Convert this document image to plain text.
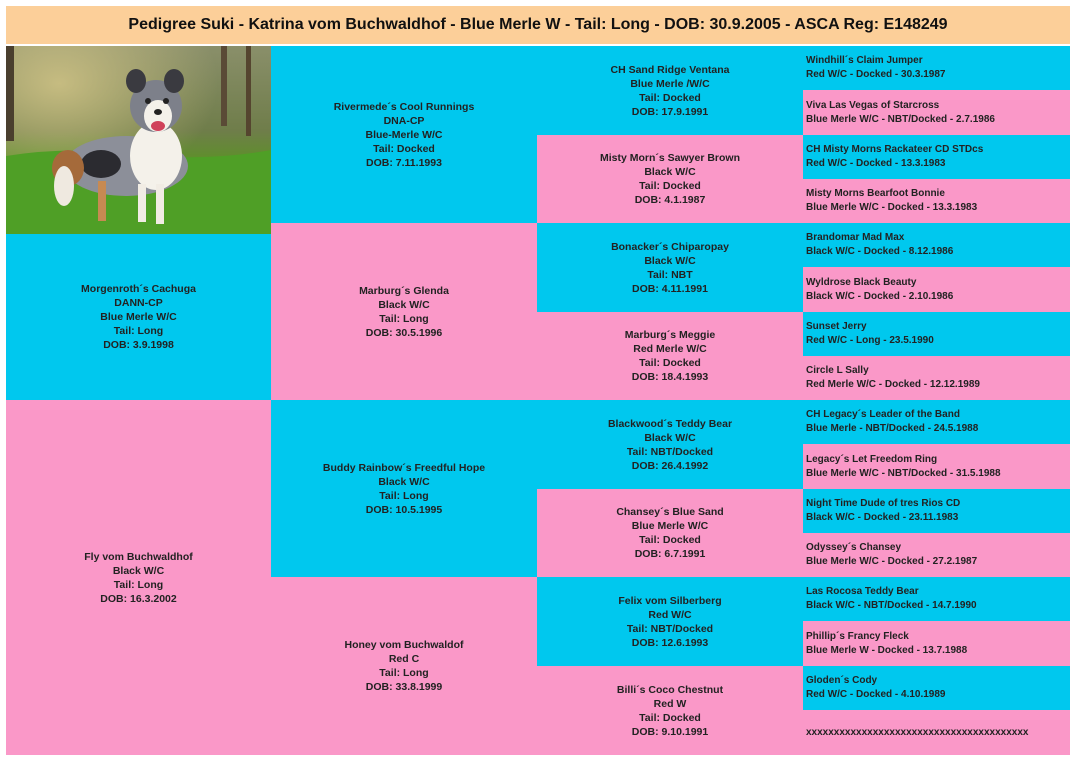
Pedigree Suki - Katrina vom Buchwaldhof - Blue Merle W - Tail: Long - DOB: 30.9.2005 - ASCA Reg: E148249
Morgenroth´s Cachuga
DANN-CP
Blue Merle W/C
Tail: Long
DOB: 3.9.1998
Fly vom Buchwaldhof
Black W/C
Tail: Long
DOB: 16.3.2002
Rivermede´s Cool Runnings
DNA-CP
Blue-Merle W/C
Tail: Docked
DOB: 7.11.1993
Marburg´s Glenda
Black W/C
Tail: Long
DOB: 30.5.1996
Buddy Rainbow´s Freedful Hope
Black W/C
Tail: Long
DOB: 10.5.1995
Honey vom Buchwaldof
Red C
Tail: Long
DOB: 33.8.1999
CH Sand Ridge Ventana
Blue Merle /W/C
Tail: Docked
DOB: 17.9.1991
Misty Morn´s Sawyer Brown
Black W/C
Tail: Docked
DOB: 4.1.1987
Bonacker´s Chiparopay
Black W/C
Tail: NBT
DOB: 4.11.1991
Marburg´s Meggie
Red Merle W/C
Tail: Docked
DOB: 18.4.1993
Blackwood´s Teddy Bear
Black W/C
Tail: NBT/Docked
DOB: 26.4.1992
Chansey´s Blue Sand
Blue Merle W/C
Tail: Docked
DOB: 6.7.1991
Felix vom Silberberg
Red W/C
Tail: NBT/Docked
DOB: 12.6.1993
Billi´s Coco Chestnut
Red W
Tail: Docked
DOB: 9.10.1991
Windhill´s Claim Jumper
Red W/C - Docked - 30.3.1987
Viva Las Vegas of Starcross
Blue Merle W/C - NBT/Docked - 2.7.1986
CH Misty Morns Rackateer CD STDcs
Red W/C - Docked - 13.3.1983
Misty Morns Bearfoot Bonnie
Blue Merle W/C - Docked - 13.3.1983
Brandomar Mad Max
Black W/C - Docked - 8.12.1986
Wyldrose Black Beauty
Black W/C - Docked - 2.10.1986
Sunset Jerry
Red W/C - Long - 23.5.1990
Circle L Sally
Red Merle W/C - Docked - 12.12.1989
CH Legacy´s Leader of the Band
Blue Merle - NBT/Docked - 24.5.1988
Legacy´s Let Freedom Ring
Blue Merle W/C - NBT/Docked - 31.5.1988
Night Time Dude of tres Rios CD
Black W/C - Docked - 23.11.1983
Odyssey´s Chansey
Blue Merle W/C - Docked - 27.2.1987
Las Rocosa Teddy Bear
Black W/C - NBT/Docked - 14.7.1990
Phillip´s Francy Fleck
Blue Merle W - Docked - 13.7.1988
Gloden´s Cody
Red W/C - Docked - 4.10.1989
xxxxxxxxxxxxxxxxxxxxxxxxxxxxxxxxxxxxxxxx
